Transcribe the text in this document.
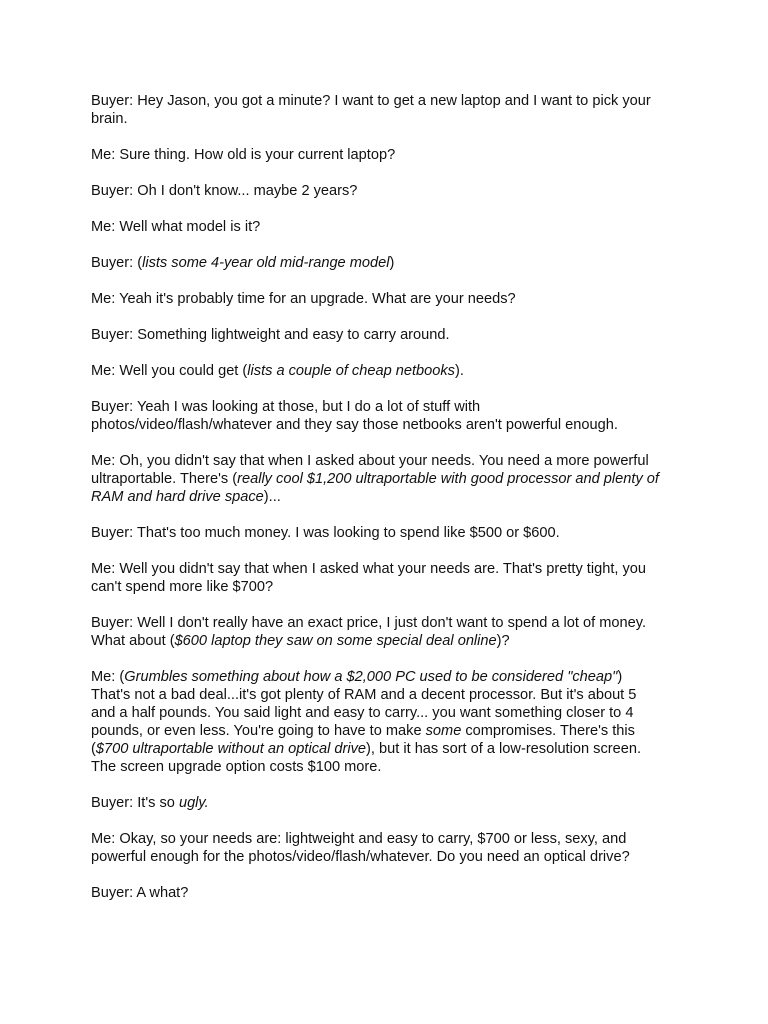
Buyer: Hey Jason, you got a minute? I want to get a new laptop and I want to pick your
brain.
Me: Sure thing. How old is your current laptop?
Buyer: Oh I don't know... maybe 2 years?
Me: Well what model is it?
Buyer: (lists some 4-year old mid-range model)
Me: Yeah it's probably time for an upgrade. What are your needs?
Buyer: Something lightweight and easy to carry around.
Me: Well you could get (lists a couple of cheap netbooks).
Buyer: Yeah I was looking at those, but I do a lot of stuff with
photos/video/flash/whatever and they say those netbooks aren't powerful enough.
Me: Oh, you didn't say that when I asked about your needs. You need a more powerful
ultraportable. There's (really cool $1,200 ultraportable with good processor and plenty of
RAM and hard drive space)...
Buyer: That's too much money. I was looking to spend like $500 or $600.
Me: Well you didn't say that when I asked what your needs are. That's pretty tight, you
can't spend more like $700?
Buyer: Well I don't really have an exact price, I just don't want to spend a lot of money.
What about ($600 laptop they saw on some special deal online)?
Me: (Grumbles something about how a $2,000 PC used to be considered "cheap")
That's not a bad deal...it's got plenty of RAM and a decent processor. But it's about 5
and a half pounds. You said light and easy to carry... you want something closer to 4
pounds, or even less. You're going to have to make some compromises. There's this
($700 ultraportable without an optical drive), but it has sort of a low-resolution screen.
The screen upgrade option costs $100 more.
Buyer: It's so ugly.
Me: Okay, so your needs are: lightweight and easy to carry, $700 or less, sexy, and
powerful enough for the photos/video/flash/whatever. Do you need an optical drive?
Buyer: A what?
